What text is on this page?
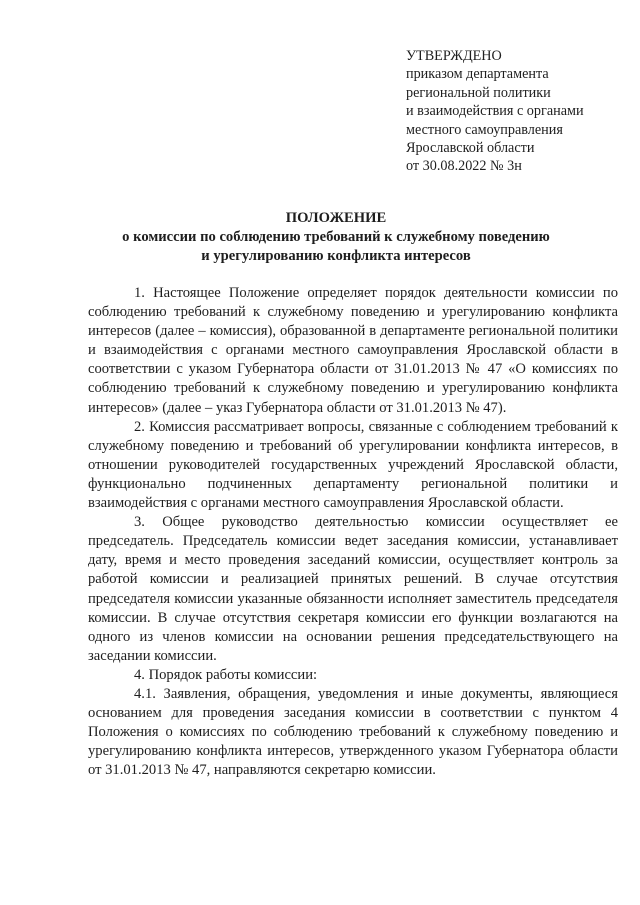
УТВЕРЖДЕНО
приказом департамента
региональной политики
и взаимодействия с органами
местного самоуправления
Ярославской области
от 30.08.2022 № 3н
ПОЛОЖЕНИЕ
о комиссии по соблюдению требований к служебному поведению
и урегулированию конфликта интересов

1. Настоящее Положение определяет порядок деятельности комиссии по соблюдению требований к служебному поведению и урегулированию конфликта интересов (далее – комиссия), образованной в департаменте региональной политики и взаимодействия с органами местного самоуправления Ярославской области в соответствии с указом Губернатора области от 31.01.2013 № 47 «О комиссиях по соблюдению требований к служебному поведению и урегулированию конфликта интересов» (далее – указ Губернатора области от 31.01.2013 № 47).

2. Комиссия рассматривает вопросы, связанные с соблюдением требований к служебному поведению и требований об урегулировании конфликта интересов, в отношении руководителей государственных учреждений Ярославской области, функционально подчиненных департаменту региональной политики и взаимодействия с органами местного самоуправления Ярославской области.

3. Общее руководство деятельностью комиссии осуществляет ее председатель. Председатель комиссии ведет заседания комиссии, устанавливает дату, время и место проведения заседаний комиссии, осуществляет контроль за работой комиссии и реализацией принятых решений. В случае отсутствия председателя комиссии указанные обязанности исполняет заместитель председателя комиссии. В случае отсутствия секретаря комиссии его функции возлагаются на одного из членов комиссии на основании решения председательствующего на заседании комиссии.

4. Порядок работы комиссии:

4.1. Заявления, обращения, уведомления и иные документы, являющиеся основанием для проведения заседания комиссии в соответствии с пунктом 4 Положения о комиссиях по соблюдению требований к служебному поведению и урегулированию конфликта интересов, утвержденного указом Губернатора области от 31.01.2013 № 47, направляются секретарю комиссии.
